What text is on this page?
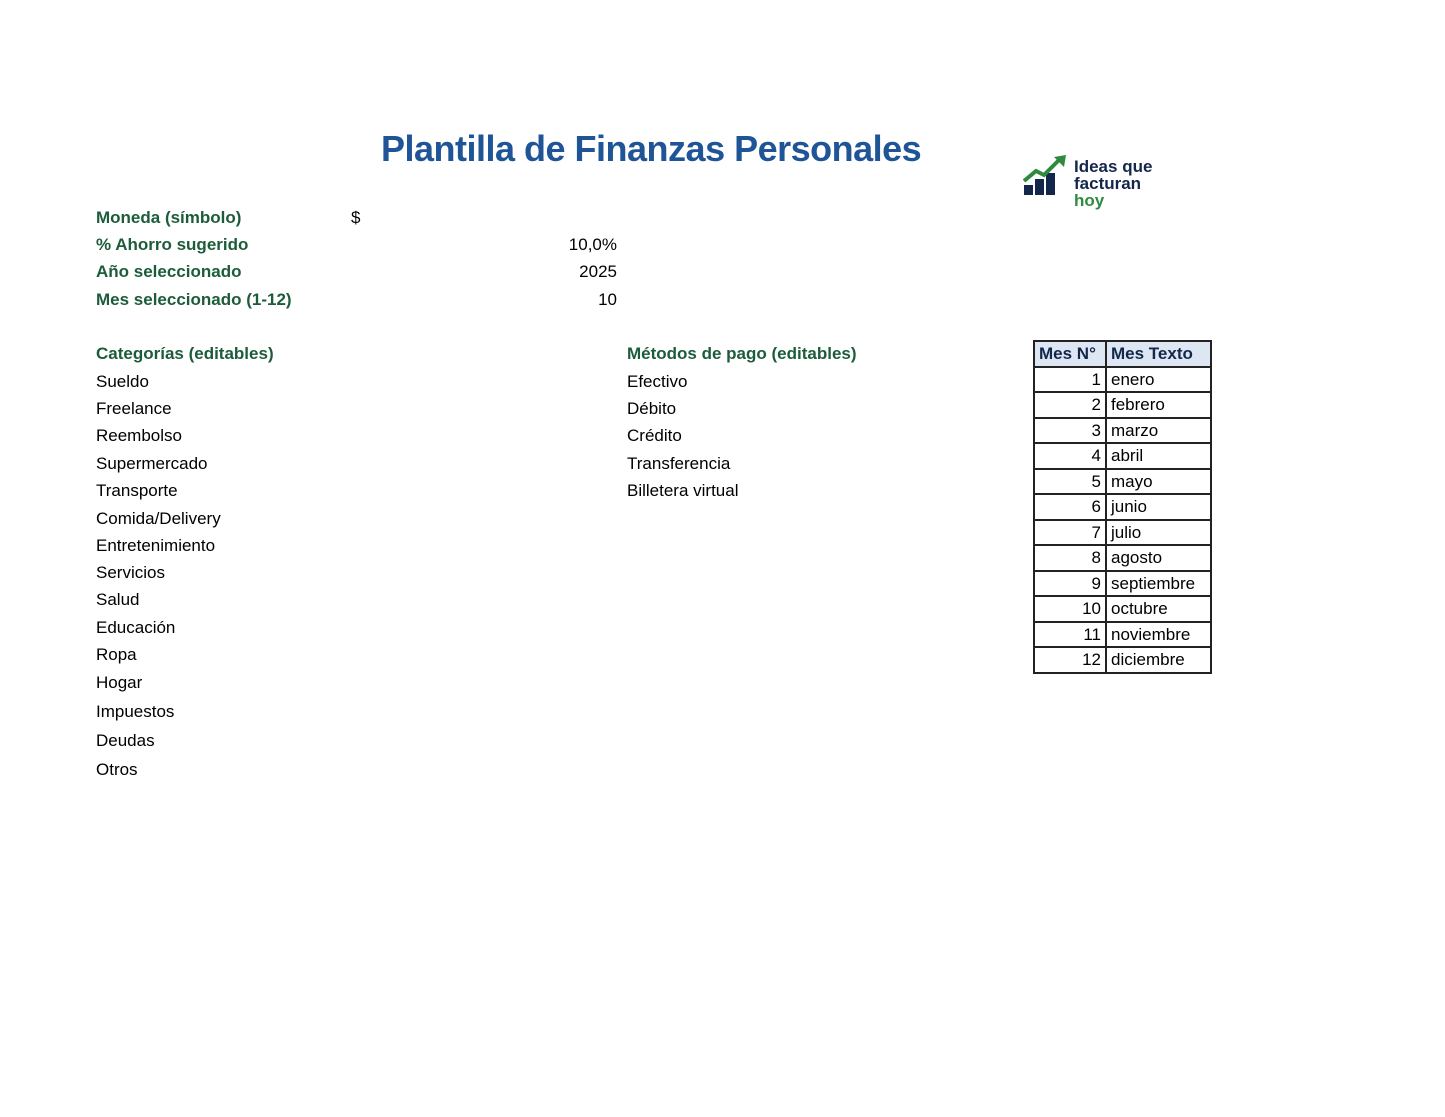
Plantilla de Finanzas Personales	Ideas que
facturan
hoy
Moneda (símbolo)	$
% Ahorro sugerido	10,0%
Año seleccionado	2025
Mes seleccionado (1-12)	10
Categorías (editables)
Sueldo
Freelance
Reembolso
Supermercado
Transporte
Comida/Delivery
Entretenimiento
Servicios
Salud
Educación
Ropa
Hogar
Impuestos
Deudas
Otros
Métodos de pago (editables)
Efectivo
Débito
Crédito
Transferencia
Billetera virtual
Mes N°	Mes Texto
1	enero
2	febrero
3	marzo
4	abril
5	mayo
6	junio
7	julio
8	agosto
9	septiembre
10	octubre
11	noviembre
12	diciembre
